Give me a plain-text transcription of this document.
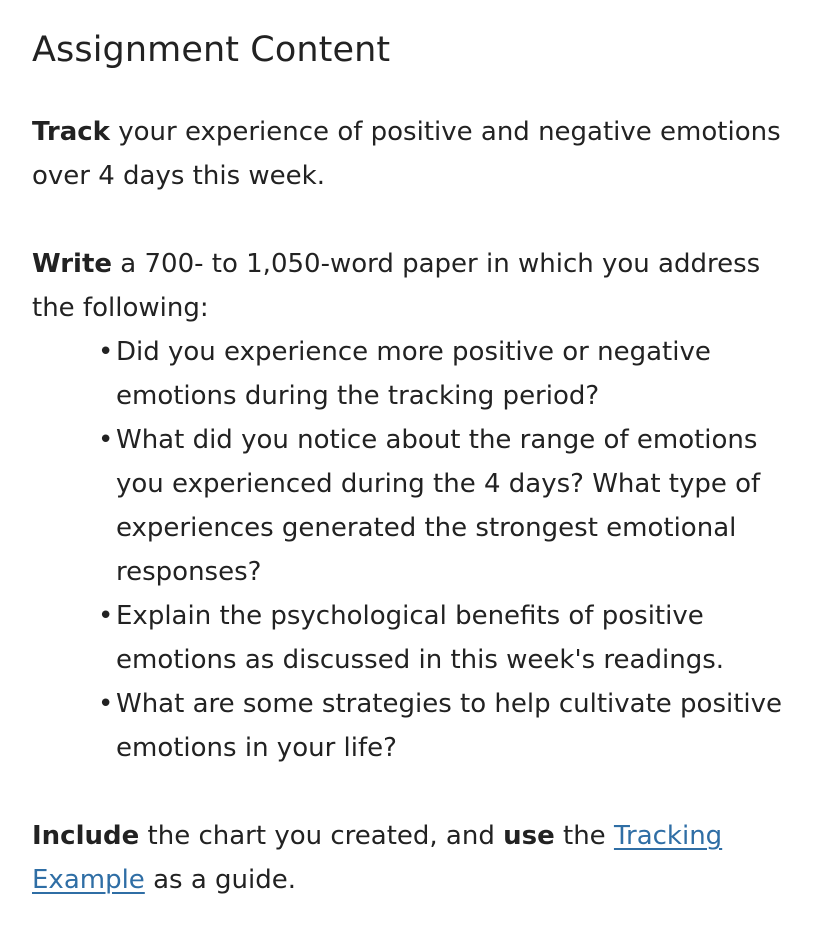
Assignment Content

Track your experience of positive and negative emotions over 4 days this week.

Write a 700- to 1,050-word paper in which you address the following:

• Did you experience more positive or negative emotions during the tracking period?
• What did you notice about the range of emotions you experienced during the 4 days? What type of experiences generated the strongest emotional responses?
• Explain the psychological benefits of positive emotions as discussed in this week's readings.
• What are some strategies to help cultivate positive emotions in your life?

Include the chart you created, and use the Tracking Example as a guide.
